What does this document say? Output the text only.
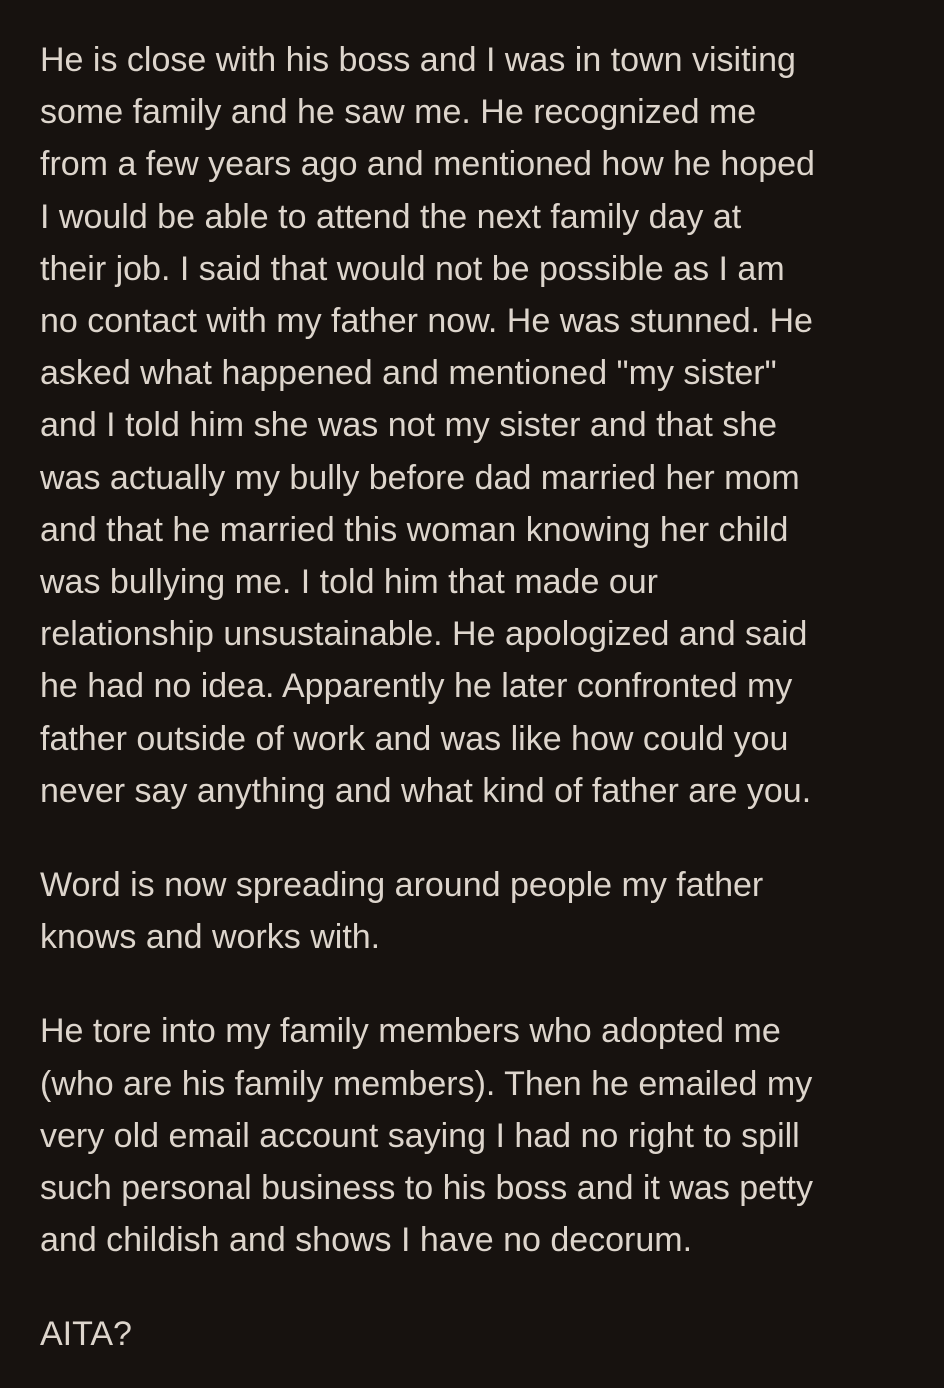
He is close with his boss and I was in town visiting
some family and he saw me. He recognized me
from a few years ago and mentioned how he hoped
I would be able to attend the next family day at
their job. I said that would not be possible as I am
no contact with my father now. He was stunned. He
asked what happened and mentioned "my sister"
and I told him she was not my sister and that she
was actually my bully before dad married her mom
and that he married this woman knowing her child
was bullying me. I told him that made our
relationship unsustainable. He apologized and said
he had no idea. Apparently he later confronted my
father outside of work and was like how could you
never say anything and what kind of father are you.

Word is now spreading around people my father
knows and works with.

He tore into my family members who adopted me
(who are his family members). Then he emailed my
very old email account saying I had no right to spill
such personal business to his boss and it was petty
and childish and shows I have no decorum.

AITA?
